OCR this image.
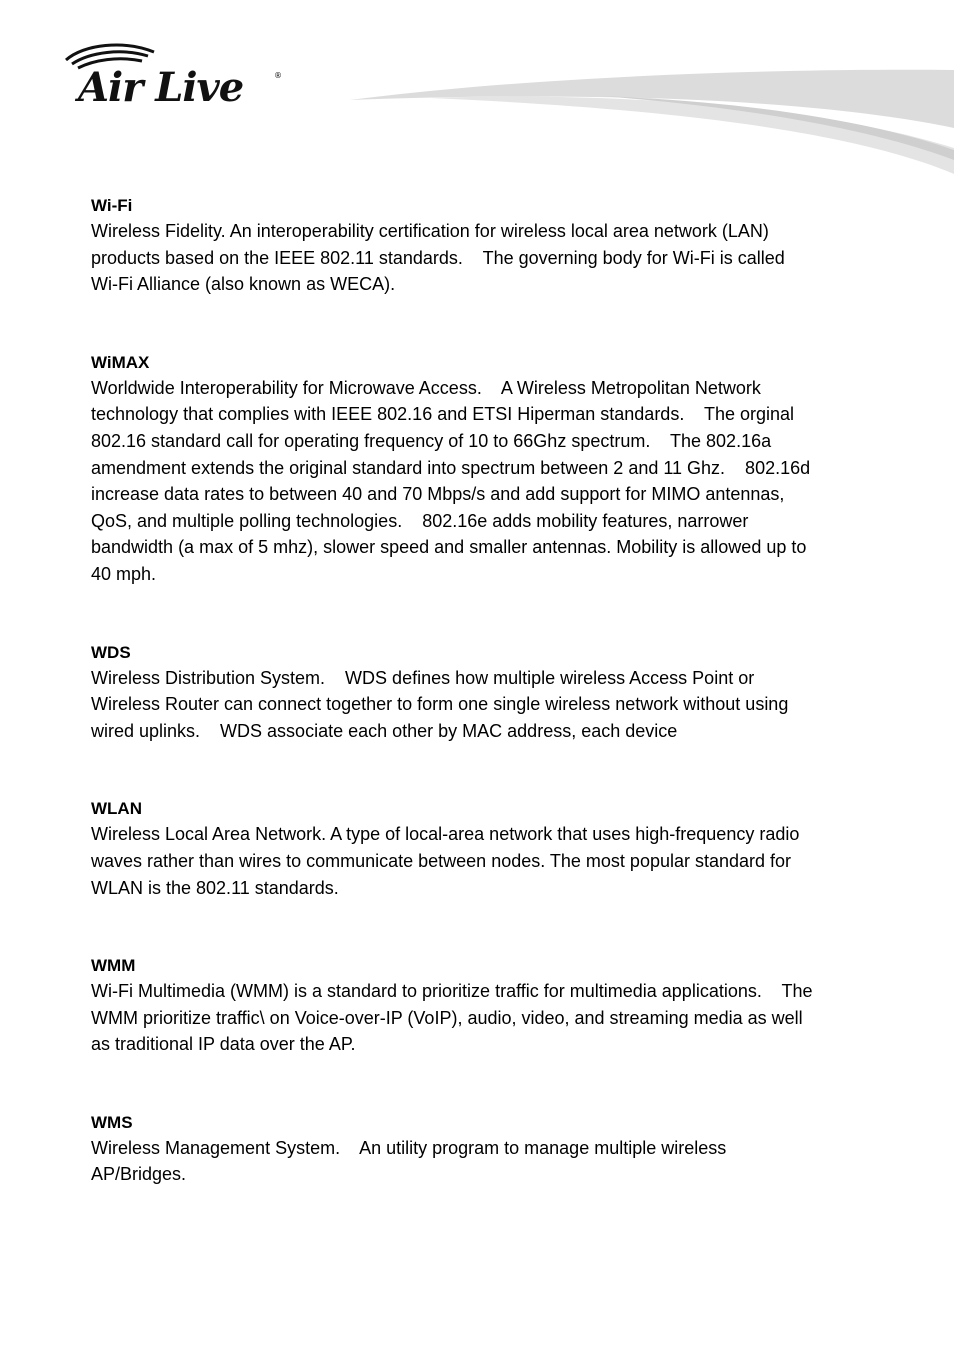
Air Live	®
Wi-Fi
Wireless Fidelity. An interoperability certification for wireless local area network (LAN)
products based on the IEEE 802.11 standards.    The governing body for Wi-Fi is called
Wi-Fi Alliance (also known as WECA).
WiMAX
Worldwide Interoperability for Microwave Access.    A Wireless Metropolitan Network
technology that complies with IEEE 802.16 and ETSI Hiperman standards.    The orginal
802.16 standard call for operating frequency of 10 to 66Ghz spectrum.    The 802.16a
amendment extends the original standard into spectrum between 2 and 11 Ghz.    802.16d
increase data rates to between 40 and 70 Mbps/s and add support for MIMO antennas,
QoS, and multiple polling technologies.    802.16e adds mobility features, narrower
bandwidth (a max of 5 mhz), slower speed and smaller antennas. Mobility is allowed up to
40 mph.
WDS
Wireless Distribution System.    WDS defines how multiple wireless Access Point or
Wireless Router can connect together to form one single wireless network without using
wired uplinks.    WDS associate each other by MAC address, each device
WLAN
Wireless Local Area Network. A type of local-area network that uses high-frequency radio
waves rather than wires to communicate between nodes. The most popular standard for
WLAN is the 802.11 standards.
WMM
Wi-Fi Multimedia (WMM) is a standard to prioritize traffic for multimedia applications.    The
WMM prioritize traffic\ on Voice-over-IP (VoIP), audio, video, and streaming media as well
as traditional IP data over the AP.
WMS
Wireless Management System.    An utility program to manage multiple wireless
AP/Bridges.
